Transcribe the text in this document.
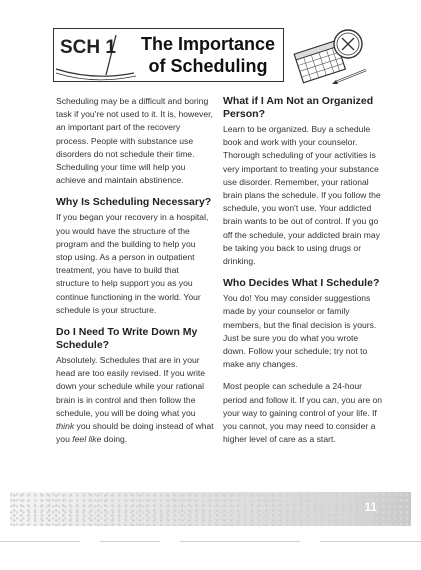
SCH 1	The Importance of Scheduling

Scheduling may be a difficult and boring task if you're not used to it. It is, however, an important part of the recovery process. People with substance use disorders do not schedule their time. Scheduling your time will help you achieve and maintain abstinence.

Why Is Scheduling Necessary?

If you began your recovery in a hospital, you would have the structure of the program and the building to help you stop using. As a person in outpatient treatment, you have to build that structure to help support you as you continue functioning in the world. Your schedule is your structure.

Do I Need To Write Down My Schedule?

Absolutely. Schedules that are in your head are too easily revised. If you write down your schedule while your rational brain is in control and then follow the schedule, you will be doing what you think you should be doing instead of what you feel like doing.

What if I Am Not an Organized Person?

Learn to be organized. Buy a schedule book and work with your counselor. Thorough scheduling of your activities is very important to treating your substance use disorder. Remember, your rational brain plans the schedule. If you follow the schedule, you won't use. Your addicted brain wants to be out of control. If you go off the schedule, your addicted brain may be taking you back to using drugs or drinking.

Who Decides What I Schedule?

You do! You may consider suggestions made by your counselor or family members, but the final decision is yours. Just be sure you do what you wrote down. Follow your schedule; try not to make any changes.

Most people can schedule a 24-hour period and follow it. If you can, you are on your way to gaining control of your life. If you cannot, you may need to consider a higher level of care as a start.

11
